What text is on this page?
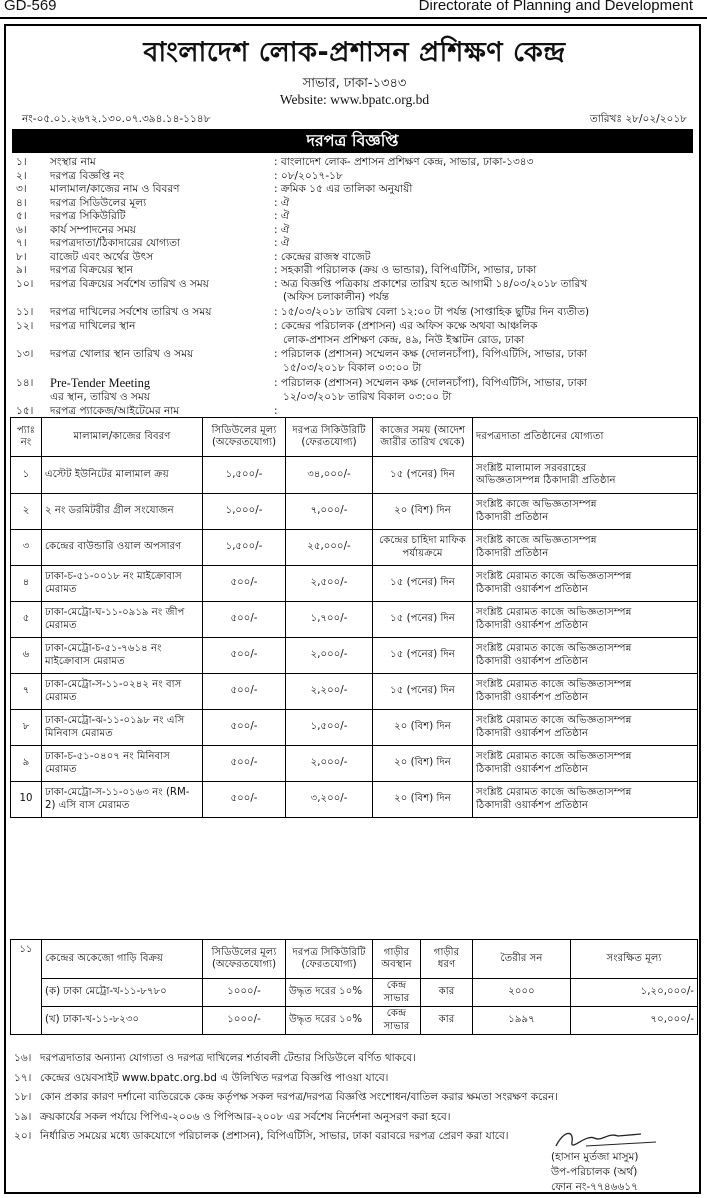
GD-569	Directorate of Planning and Development
বাংলাদেশ লোক-প্রশাসন প্রশিক্ষণ কেন্দ্র
সাভার, ঢাকা-১৩৪৩
Website: www.bpatc.org.bd
নং-০৫.০১.২৬৭২.১৩০.০৭.৩৯৪.১৪-১১৪৮	তারিখঃ ২৮/০২/২০১৮
দরপত্র বিজ্ঞপ্তি
১।	সংস্থার নাম	: বাংলাদেশ লোক- প্রশাসন প্রশিক্ষণ কেন্দ্র, সাভার, ঢাকা-১৩৪৩
২।	দরপত্র বিজ্ঞপ্তি নং	: ০৮/২০১৭-১৮
৩।	মালামাল/কাজের নাম ও বিবরণ	: ক্রমিক ১৫ এর তালিকা অনুযায়ী
৪।	দরপত্র সিডিউলের মূল্য	: ঐ
৫।	দরপত্র সিকিউরিটি	: ঐ
৬।	কার্য সম্পাদনের সময়	: ঐ
৭।	দরপত্রদাতা/ঠিকাদারের যোগ্যতা	: ঐ
৮।	বাজেট এবং অর্থের উৎস	: কেন্দ্রের রাজস্ব বাজেট
৯।	দরপত্র বিক্রয়ের স্থান	: সহকারী পরিচালক (ক্রয় ও ভান্ডার), বিপিএটিসি, সাভার, ঢাকা
১০।	দরপত্র বিক্রয়ের সর্বশেষ তারিখ ও সময়	: অত্র বিজ্ঞপ্তি পত্রিকায় প্রকাশের তারিখ হতে আগামী ১৪/০৩/২০১৮ তারিখ
(অফিস চলাকালীন) পর্যন্ত
১১।	দরপত্র দাখিলের সর্বশেষ তারিখ ও সময়	: ১৫/০৩/২০১৮ তারিখ বেলা ১২:০০ টা পর্যন্ত (সাপ্তাহিক ছুটির দিন ব্যতীত)
১২।	দরপত্র দাখিলের স্থান	: কেন্দ্রের পরিচালক (প্রশাসন) এর অফিস কক্ষে অথবা আঞ্চলিক
লোক-প্রশাসন প্রশিক্ষণ কেন্দ্র, ৪৯, নিউ ইস্কাটন রোড, ঢাকা
১৩।	দরপত্র খোলার স্থান তারিখ ও সময়	: পরিচালক (প্রশাসন) সম্মেলন কক্ষ (দোলনচাঁপা), বিপিএটিসি, সাভার, ঢাকা
১৫/০৩/২০১৮ বিকাল ০৩:০০ টা
১৪।	Pre-Tender Meeting	: পরিচালক (প্রশাসন) সম্মেলন কক্ষ (দোলনচাঁপা), বিপিএটিসি, সাভার, ঢাকা
এর স্থান, তারিখ ও সময়	১২/০৩/২০১৮ তারিখ বিকাল ০৩:০০ টা
১৫।	দরপত্র প্যাকেজ/আইটেমের নাম	:
প্যাঃ নং	মালামাল/কাজের বিবরণ	সিডিউলের মূল্য (অফেরতযোগ্য)	দরপত্র সিকিউরিটি (ফেরতযোগ্য)	কাজের সময় (আদেশ জারীর তারিখ থেকে)	দরপত্রদাতা প্রতিষ্ঠানের যোগ্যতা
১	এস্টেট ইউনিটের মালামাল ক্রয়	১,৫০০/-	৩৪,০০০/-	১৫ (পনের) দিন	সংশ্লিষ্ট মালামাল সরবরাহের
অভিজ্ঞতাসম্পন্ন ঠিকাদারী প্রতিষ্ঠান
২	২ নং ডরমিটরীর গ্রীল সংযোজন	১,০০০/-	৭,০০০/-	২০ (বিশ) দিন	সংশ্লিষ্ট কাজে অভিজ্ঞতাসম্পন্ন
ঠিকাদারী প্রতিষ্ঠান
৩	কেন্দ্রের বাউন্ডারি ওয়াল অপসারণ	১,৫০০/-	২৫,০০০/-	কেন্দ্রের চাহিদা মাফিক পর্যায়ক্রমে	সংশ্লিষ্ট কাজে অভিজ্ঞতাসম্পন্ন
ঠিকাদারী প্রতিষ্ঠান
৪	ঢাকা-চ-৫১-০০১৮ নং মাইক্রোবাস মেরামত	৫০০/-	২,৫০০/-	১৫ (পনের) দিন	সংশ্লিষ্ট মেরামত কাজে অভিজ্ঞতাসম্পন্ন
ঠিকাদারী ওয়ার্কশপ প্রতিষ্ঠান
৫	ঢাকা-মেট্রো-ঘ-১১-০৯১৯ নং জীপ মেরামত	৫০০/-	১,৭০০/-	১৫ (পনের) দিন	সংশ্লিষ্ট মেরামত কাজে অভিজ্ঞতাসম্পন্ন
ঠিকাদারী ওয়ার্কশপ প্রতিষ্ঠান
৬	ঢাকা-মেট্রো-চ-৫১-৭৬১৪ নং মাইক্রোবাস মেরামত	৫০০/-	২,০০০/-	১৫ (পনের) দিন	সংশ্লিষ্ট মেরামত কাজে অভিজ্ঞতাসম্পন্ন
ঠিকাদারী ওয়ার্কশপ প্রতিষ্ঠান
৭	ঢাকা-মেট্রো-স-১১-০২৪২ নং বাস মেরামত	৫০০/-	২,২০০/-	১৫ (পনের) দিন	সংশ্লিষ্ট মেরামত কাজে অভিজ্ঞতাসম্পন্ন
ঠিকাদারী ওয়ার্কশপ প্রতিষ্ঠান
৮	ঢাকা-মেট্রো-ঝ-১১-০১৯৮ নং এসি মিনিবাস মেরামত	৫০০/-	১,৫০০/-	২০ (বিশ) দিন	সংশ্লিষ্ট মেরামত কাজে অভিজ্ঞতাসম্পন্ন
ঠিকাদারী ওয়ার্কশপ প্রতিষ্ঠান
৯	ঢাকা-চ-৫১-০৪০৭ নং মিনিবাস মেরামত	৫০০/-	২,০০০/-	২০ (বিশ) দিন	সংশ্লিষ্ট মেরামত কাজে অভিজ্ঞতাসম্পন্ন
ঠিকাদারী ওয়ার্কশপ প্রতিষ্ঠান
10	ঢাকা-মেট্রো-স-১১-০১৬৩ নং (RM-2) এসি বাস মেরামত	৫০০/-	৩,২০০/-	২০ (বিশ) দিন	সংশ্লিষ্ট মেরামত কাজে অভিজ্ঞতাসম্পন্ন
ঠিকাদারী ওয়ার্কশপ প্রতিষ্ঠান
১১	কেন্দ্রের অকেজো গাড়ি বিক্রয়	সিডিউলের মূল্য (অফেরতযোগ্য)	দরপত্র সিকিউরিটি (ফেরতযোগ্য)	গাড়ীর অবস্থান	গাড়ীর ধরণ	তৈরীর সন	সংরক্ষিত মূল্য
	(ক) ঢাকা মেট্রো-খ-১১-৮৭৮০	১০০০/-	উদ্ধৃত দরের ১০%	কেন্দ্র সাভার	কার	২০০০	১,২০,০০০/-
	(খ) ঢাকা-খ-১১-৮২৩০	১০০০/-	উদ্ধৃত দরের ১০%	কেন্দ্র সাভার	কার	১৯৯৭	৭০,০০০/-
১৬। দরপত্রদাতার অন্যান্য যোগ্যতা ও দরপত্র দাখিলের শর্তাবলী টেন্ডার সিডিউলে বর্ণিত থাকবে।
১৭। কেন্দ্রের ওয়েবসাইট www.bpatc.org.bd এ উলিখিত দরপত্র বিজ্ঞপ্তি পাওয়া যাবে।
১৮। কোন প্রকার কারণ দর্শানো ব্যতিরেকে কেন্দ্র কর্তৃপক্ষ সকল দরপত্র/দরপত্র বিজ্ঞপ্তি সংশোধন/বাতিল করার ক্ষমতা সংরক্ষণ করেন।
১৯। ক্রয়কার্যের সকল পর্যায়ে পিপিএ-২০০৬ ও পিপিআর-২০০৮ এর সর্বশেষ নির্দেশনা অনুসরণ করা হবে।
২০। নির্ধারিত সময়ের মধ্যে ডাকযোগে পরিচালক (প্রশাসন), বিপিএটিসি, সাভার, ঢাকা বরাবরে দরপত্র প্রেরণ করা যাবে।
(হাসান মুর্তজা মাসুম)
উপ-পরিচালক (অর্থ)
ফোন নং-৭৭৪৬৬১৭
